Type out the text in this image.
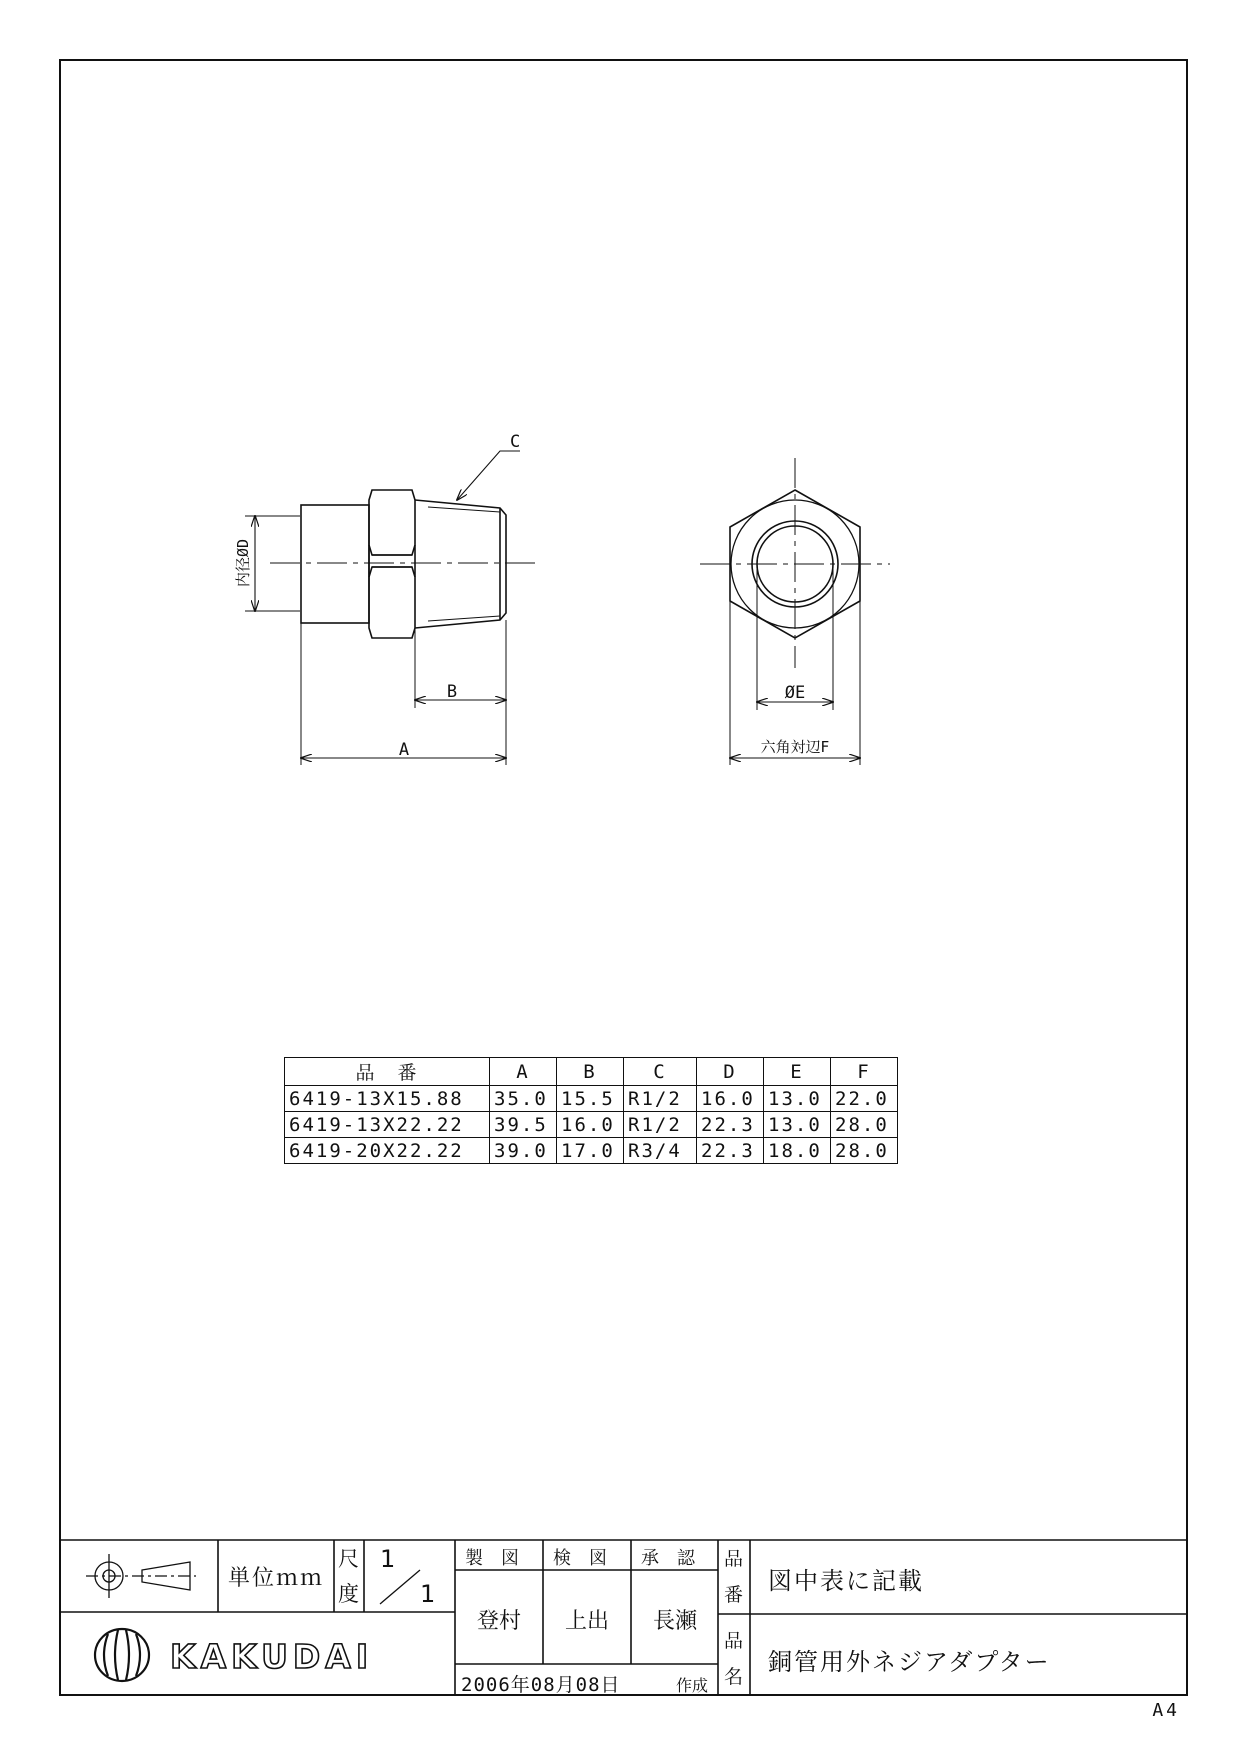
C
B
A
内径ØD
ØE
六角対辺F
品　番	A	B	C	D	E	F
6419-13X15.88	35.0	15.5	R1/2	16.0	13.0	22.0
6419-13X22.22	39.5	16.0	R1/2	22.3	13.0	28.0
6419-20X22.22	39.0	17.0	R3/4	22.3	18.0	28.0
単位ｍｍ
尺
度
1
1
製　図 検　図 承　認
登村 上出 長瀬
2006年08月08日	作成
品
番 図中表に記載
品
名
銅管用外ネジアダプター
KAKUDAI
A4
